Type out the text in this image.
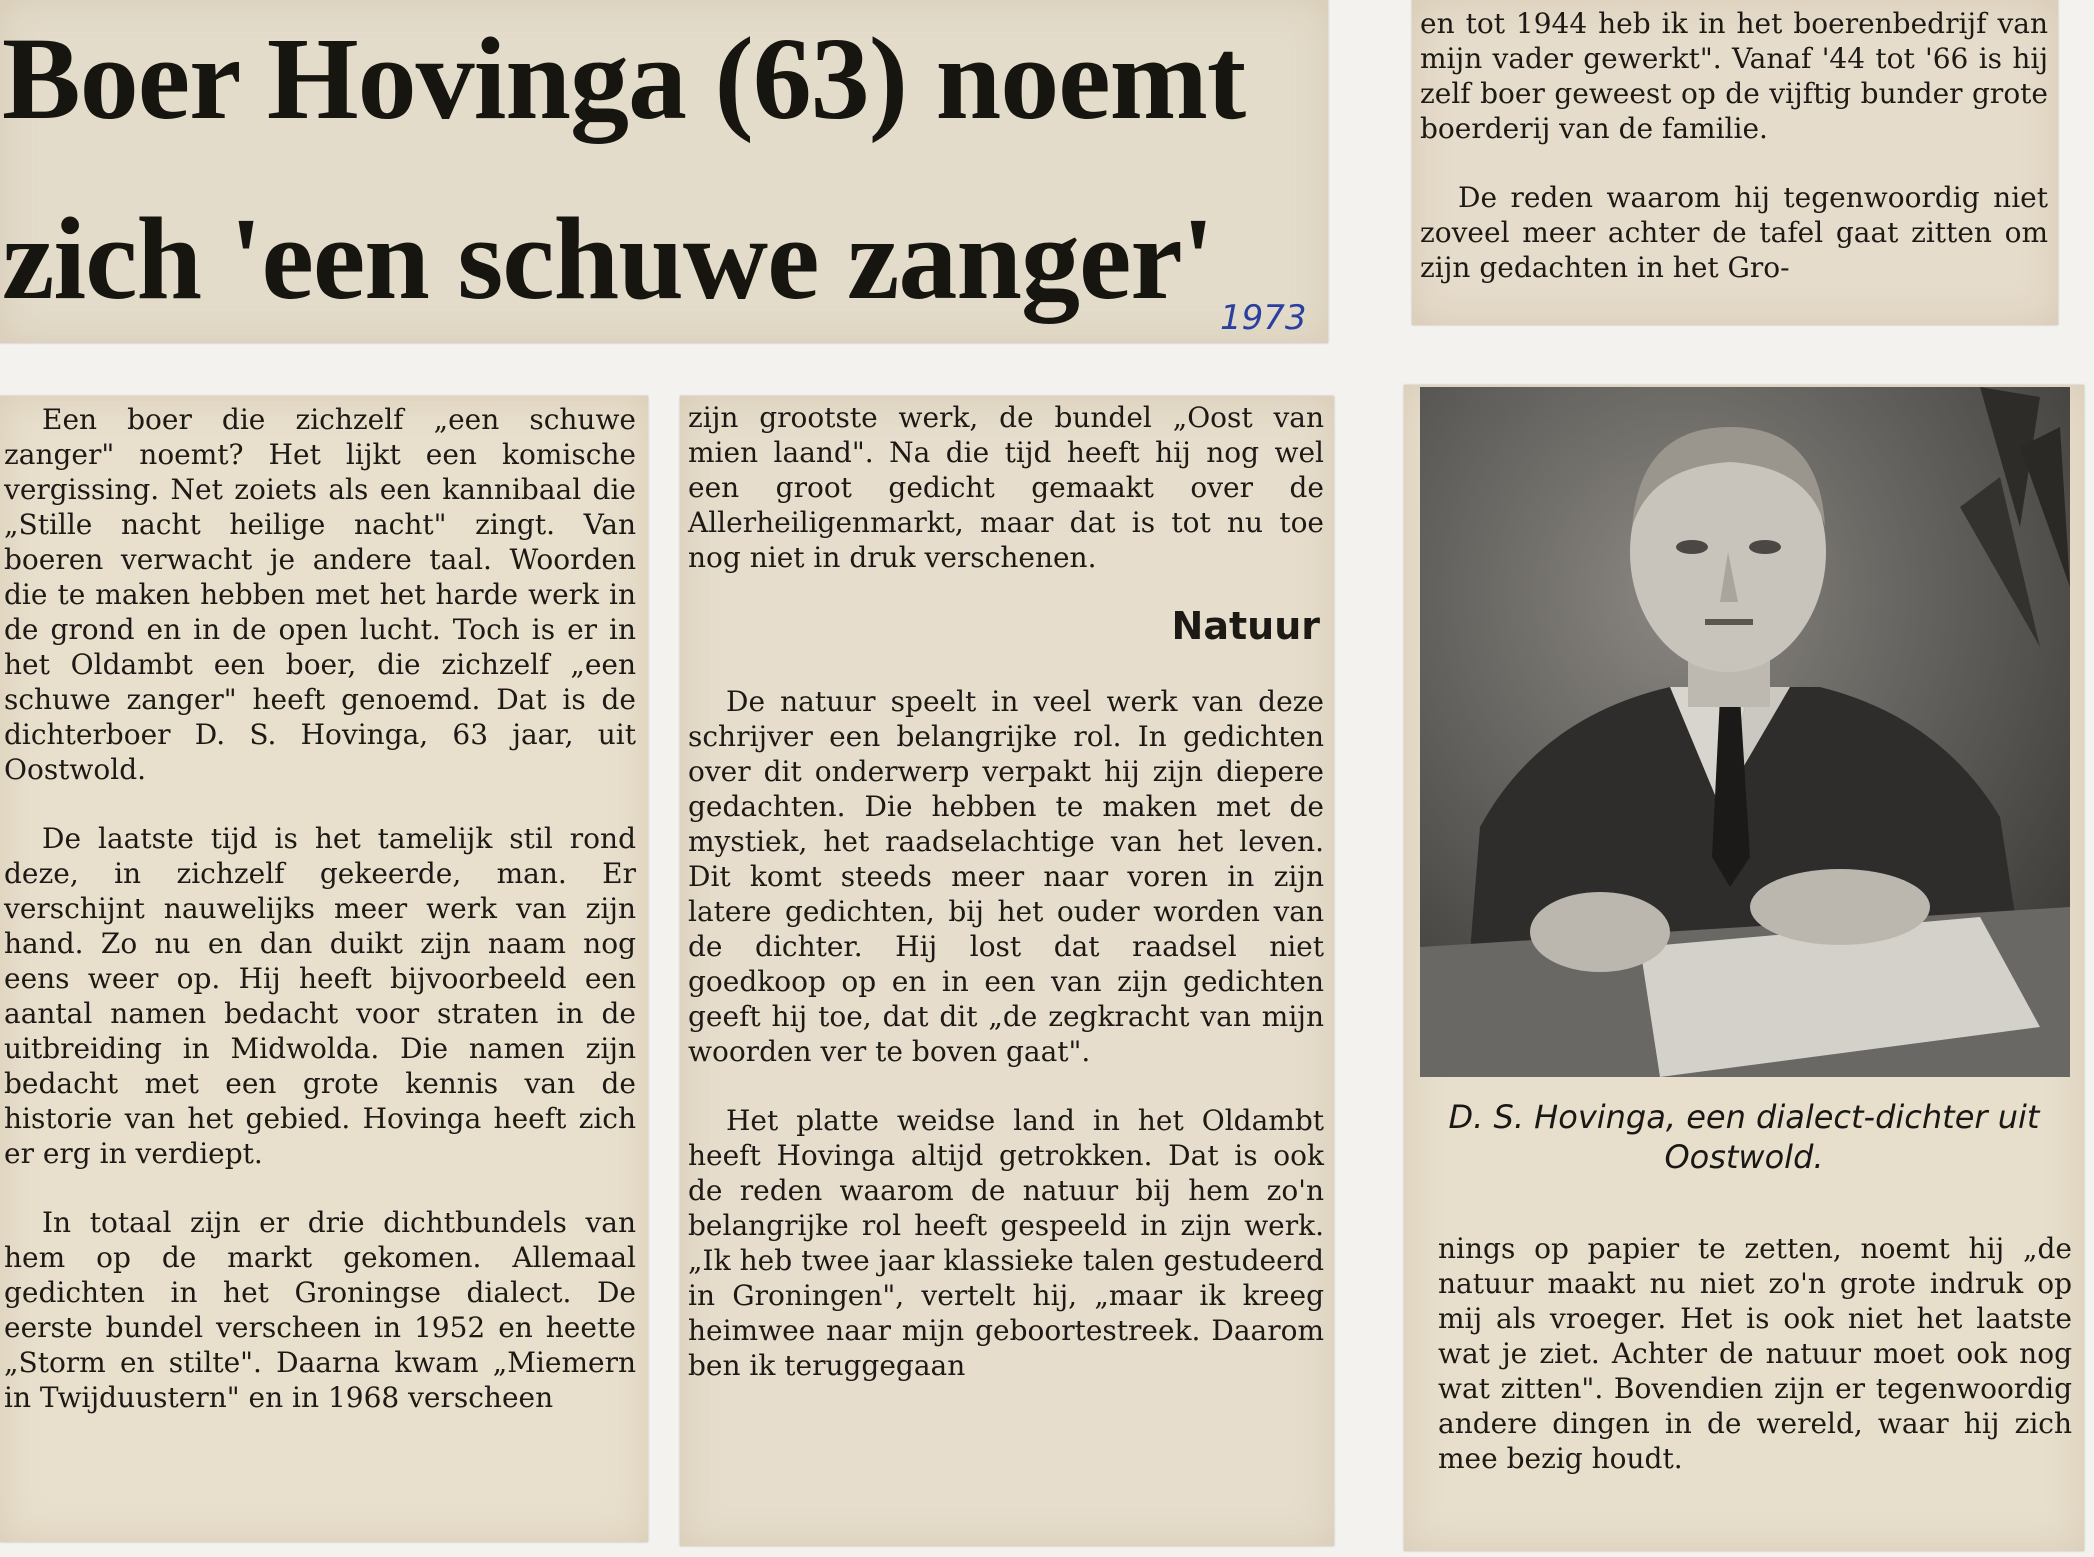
Boer Hovinga (63) noemt
zich 'een schuwe zanger' 1973

en tot 1944 heb ik in het boerenbedrijf van mijn vader gewerkt". Vanaf '44 tot '66 is hij zelf boer geweest op de vijftig bunder grote boerderij van de familie.

De reden waarom hij tegenwoordig niet zoveel meer achter de tafel gaat zitten om zijn gedachten in het Gro-

Een boer die zichzelf „een schuwe zanger" noemt? Het lijkt een komische vergissing. Net zoiets als een kannibaal die „Stille nacht heilige nacht" zingt. Van boeren verwacht je andere taal. Woorden die te maken hebben met het harde werk in de grond en in de open lucht. Toch is er in het Oldambt een boer, die zichzelf „een schuwe zanger" heeft genoemd. Dat is de dichterboer D. S. Hovinga, 63 jaar, uit Oostwold.

De laatste tijd is het tamelijk stil rond deze, in zichzelf gekeerde, man. Er verschijnt nauwelijks meer werk van zijn hand. Zo nu en dan duikt zijn naam nog eens weer op. Hij heeft bijvoorbeeld een aantal namen bedacht voor straten in de uitbreiding in Midwolda. Die namen zijn bedacht met een grote kennis van de historie van het gebied. Hovinga heeft zich er erg in verdiept.

In totaal zijn er drie dichtbundels van hem op de markt gekomen. Allemaal gedichten in het Groningse dialect. De eerste bundel verscheen in 1952 en heette „Storm en stilte". Daarna kwam „Miemern in Twijduustern" en in 1968 verscheen

zijn grootste werk, de bundel „Oost van mien laand". Na die tijd heeft hij nog wel een groot gedicht gemaakt over de Allerheiligenmarkt, maar dat is tot nu toe nog niet in druk verschenen.

Natuur

De natuur speelt in veel werk van deze schrijver een belangrijke rol. In gedichten over dit onderwerp verpakt hij zijn diepere gedachten. Die hebben te maken met de mystiek, het raadselachtige van het leven. Dit komt steeds meer naar voren in zijn latere gedichten, bij het ouder worden van de dichter. Hij lost dat raadsel niet goedkoop op en in een van zijn gedichten geeft hij toe, dat dit „de zegkracht van mijn woorden ver te boven gaat".

Het platte weidse land in het Oldambt heeft Hovinga altijd getrokken. Dat is ook de reden waarom de natuur bij hem zo'n belangrijke rol heeft gespeeld in zijn werk. „Ik heb twee jaar klassieke talen gestudeerd in Groningen", vertelt hij, „maar ik kreeg heimwee naar mijn geboortestreek. Daarom ben ik teruggegaan

D. S. Hovinga, een dialect-dichter uit Oostwold.

nings op papier te zetten, noemt hij „de natuur maakt nu niet zo'n grote indruk op mij als vroeger. Het is ook niet het laatste wat je ziet. Achter de natuur moet ook nog wat zitten". Bovendien zijn er tegenwoordig andere dingen in de wereld, waar hij zich mee bezig houdt.
